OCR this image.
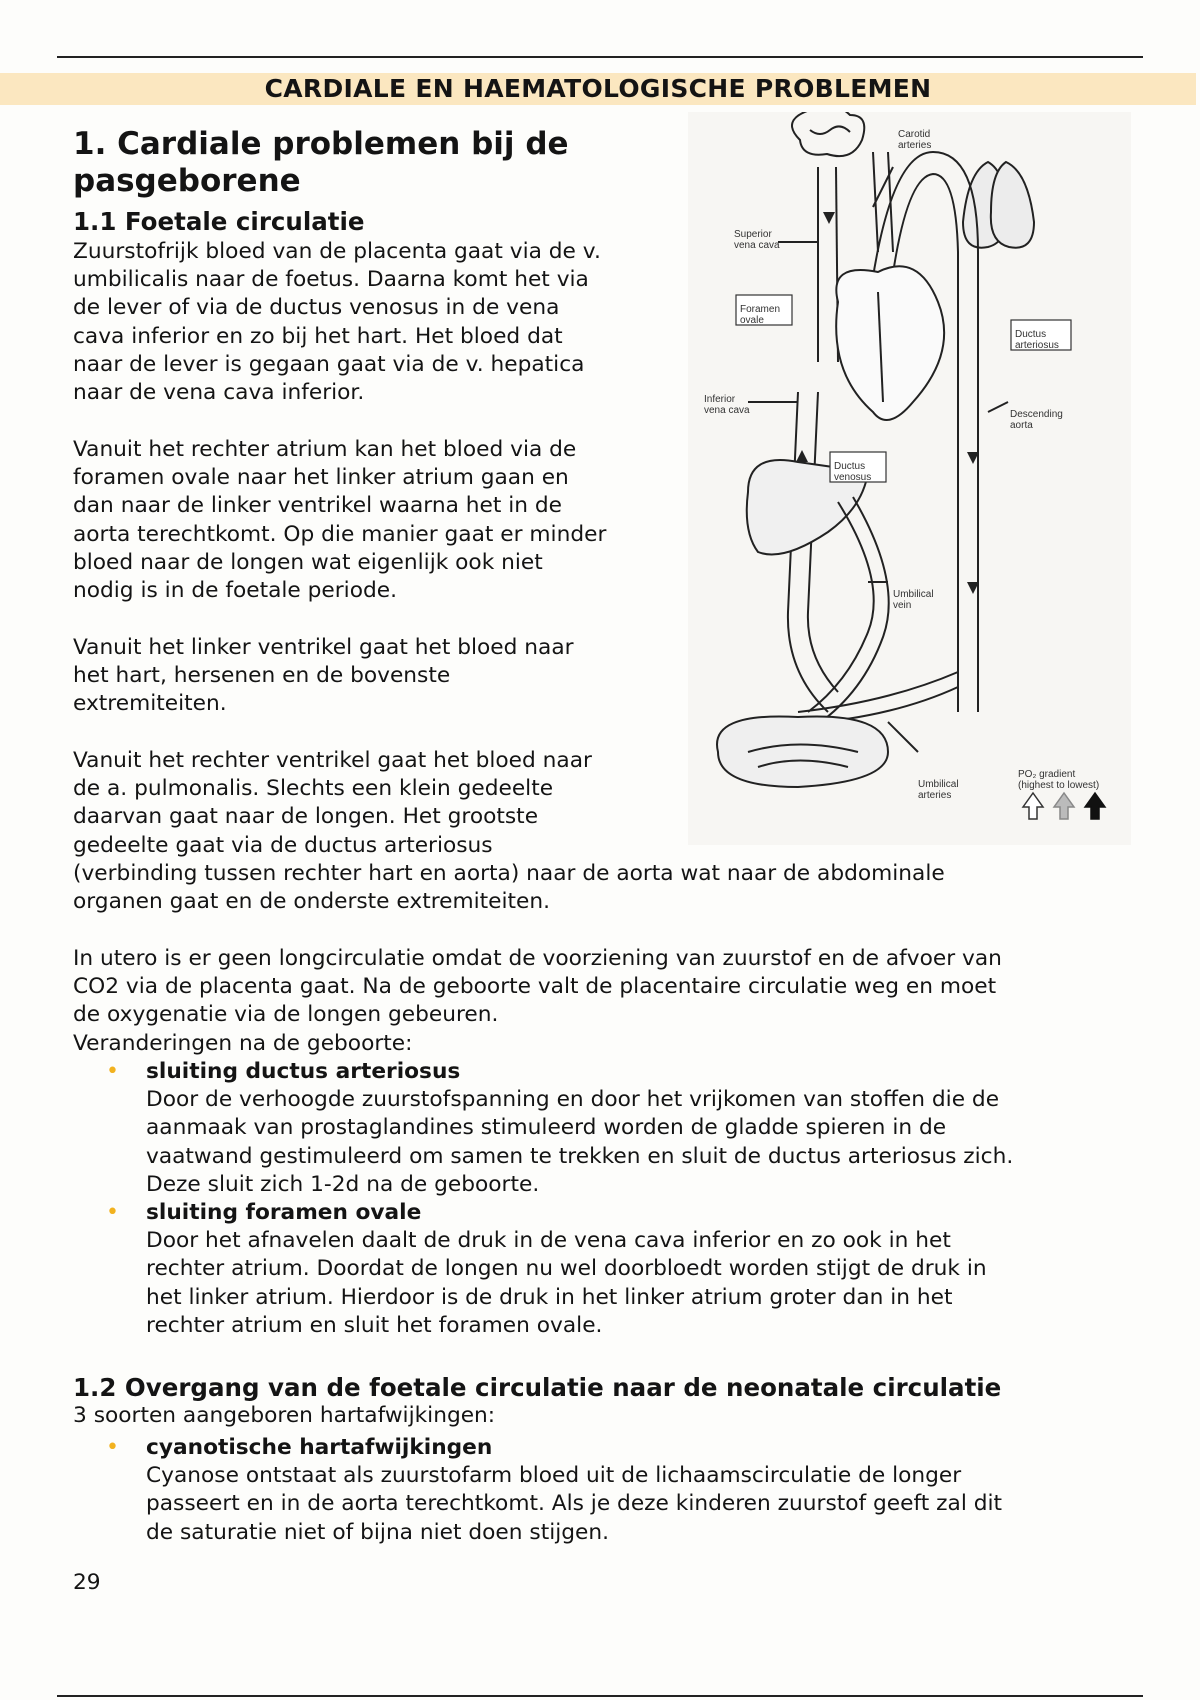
CARDIALE EN HAEMATOLOGISCHE PROBLEMEN
1. Cardiale problemen bij de
pasgeborene
1.1 Foetale circulatie
Zuurstofrijk bloed van de placenta gaat via de v.
umbilicalis naar de foetus. Daarna komt het via
de lever of via de ductus venosus in de vena
cava inferior en zo bij het hart. Het bloed dat
naar de lever is gegaan gaat via de v. hepatica
naar de vena cava inferior.
Vanuit het rechter atrium kan het bloed via de
foramen ovale naar het linker atrium gaan en
dan naar de linker ventrikel waarna het in de
aorta terechtkomt. Op die manier gaat er minder
bloed naar de longen wat eigenlijk ook niet
nodig is in de foetale periode.
Vanuit het linker ventrikel gaat het bloed naar
het hart, hersenen en de bovenste
extremiteiten.
Vanuit het rechter ventrikel gaat het bloed naar
de a. pulmonalis. Slechts een klein gedeelte
daarvan gaat naar de longen. Het grootste
gedeelte gaat via de ductus arteriosus
(verbinding tussen rechter hart en aorta) naar de aorta wat naar de abdominale
organen gaat en de onderste extremiteiten.
In utero is er geen longcirculatie omdat de voorziening van zuurstof en de afvoer van
CO2 via de placenta gaat. Na de geboorte valt de placentaire circulatie weg en moet
de oxygenatie via de longen gebeuren.
Veranderingen na de geboorte:
• sluiting ductus arteriosus
Door de verhoogde zuurstofspanning en door het vrijkomen van stoffen die de
aanmaak van prostaglandines stimuleerd worden de gladde spieren in de
vaatwand gestimuleerd om samen te trekken en sluit de ductus arteriosus zich.
Deze sluit zich 1-2d na de geboorte.
• sluiting foramen ovale
Door het afnavelen daalt de druk in de vena cava inferior en zo ook in het
rechter atrium. Doordat de longen nu wel doorbloedt worden stijgt de druk in
het linker atrium. Hierdoor is de druk in het linker atrium groter dan in het
rechter atrium en sluit het foramen ovale.
1.2 Overgang van de foetale circulatie naar de neonatale circulatie
3 soorten aangeboren hartafwijkingen:
• cyanotische hartafwijkingen
Cyanose ontstaat als zuurstofarm bloed uit de lichaamscirculatie de longer
passeert en in de aorta terechtkomt. Als je deze kinderen zuurstof geeft zal dit
de saturatie niet of bijna niet doen stijgen.
29
Carotid arteries
Superior vena cava
Foramen ovale
Ductus arteriosus
Inferior vena cava	Descending aorta
Ductus venosus
Umbilical vein
Umbilical arteries
PO₂ gradient (highest to lowest)
